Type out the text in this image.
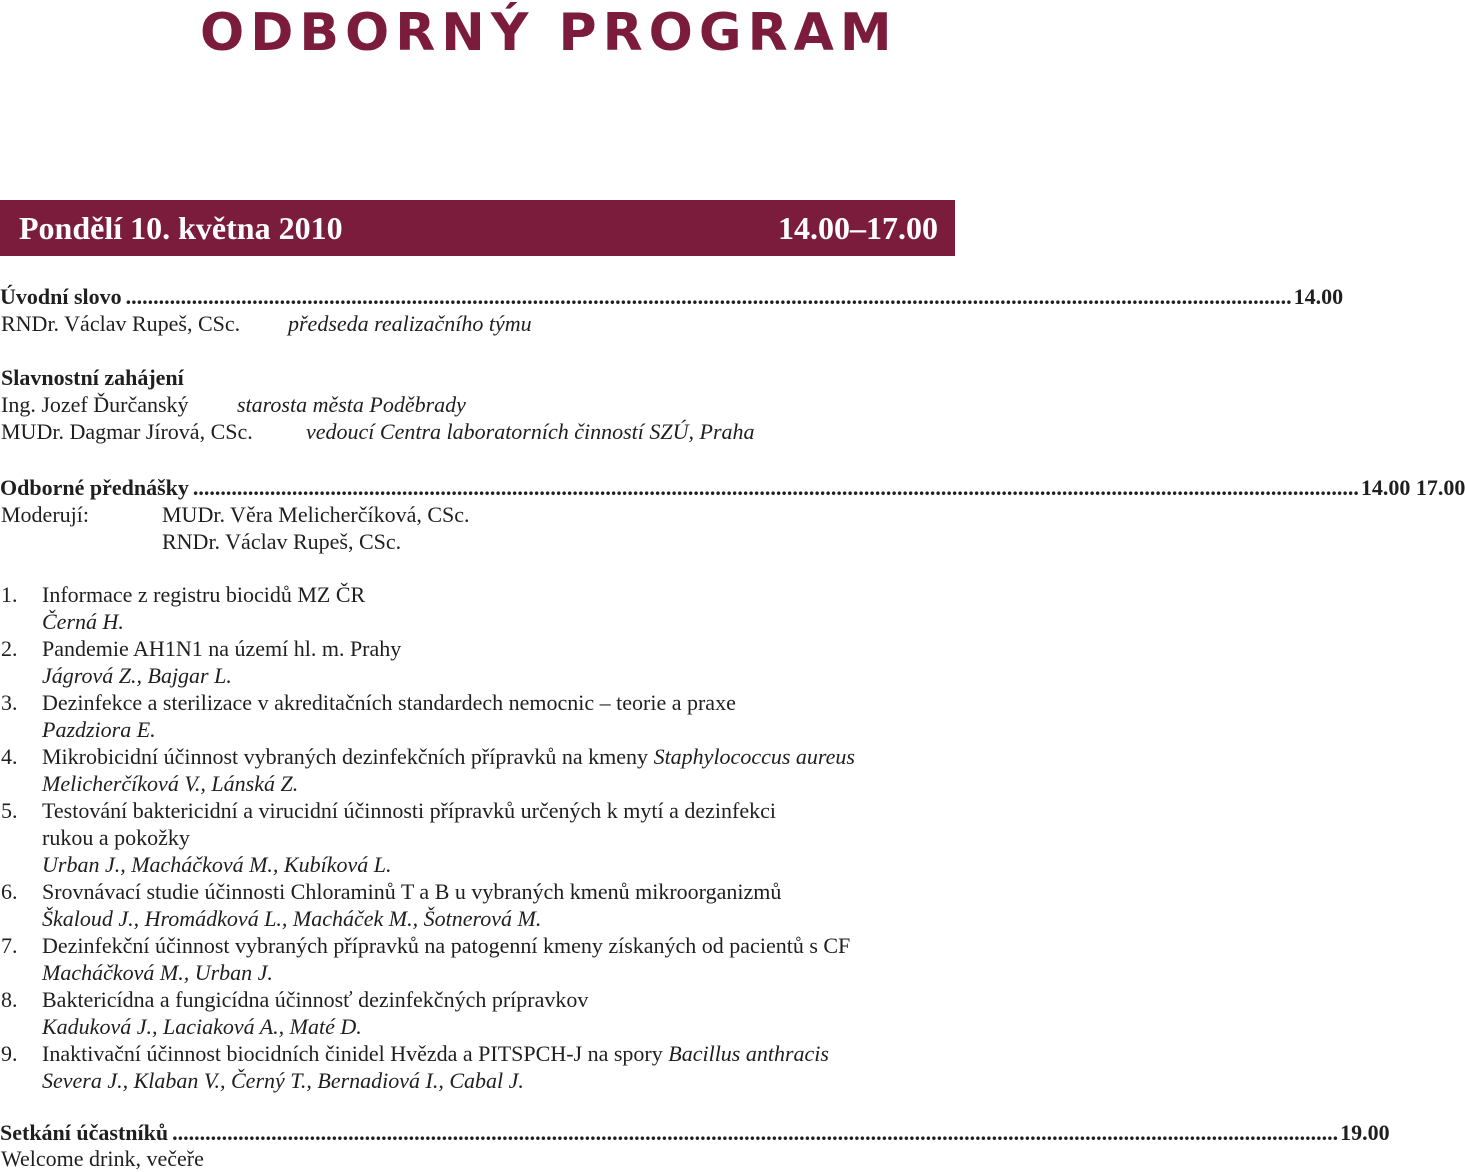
ODBORNÝ PROGRAM
Pondělí 10. května 2010	14.00–17.00
Úvodní slovo .................................................................................................................................................................................................................... 14.00
RNDr. Václav Rupeš, CSc. předseda realizačního týmu
Slavnostní zahájení
Ing. Jozef Ďurčanský starosta města Poděbrady
MUDr. Dagmar Jírová, CSc. vedoucí Centra laboratorních činností SZÚ, Praha
Odborné přednášky .................................................................................................................................................................................................................... 14.00 17.00
Moderují:	MUDr. Věra Melicherčíková, CSc.
RNDr. Václav Rupeš, CSc.
1. Informace z registru biocidů MZ ČR
Černá H.
2. Pandemie AH1N1 na území hl. m. Prahy
Jágrová Z., Bajgar L.
3. Dezinfekce a sterilizace v akreditačních standardech nemocnic – teorie a praxe
Pazdziora E.
4. Mikrobicidní účinnost vybraných dezinfekčních přípravků na kmeny Staphylococcus aureus
Melicherčíková V., Lánská Z.
5. Testování baktericidní a virucidní účinnosti přípravků určených k mytí a dezinfekci
rukou a pokožky
Urban J., Macháčková M., Kubíková L.
6. Srovnávací studie účinnosti Chloraminů T a B u vybraných kmenů mikroorganizmů
Škaloud J., Hromádková L., Macháček M., Šotnerová M.
7. Dezinfekční účinnost vybraných přípravků na patogenní kmeny získaných od pacientů s CF
Macháčková M., Urban J.
8. Baktericídna a fungicídna účinnosť dezinfekčných prípravkov
Kaduková J., Laciaková A., Maté D.
9. Inaktivační účinnost biocidních činidel Hvězda a PITSPCH-J na spory Bacillus anthracis
Severa J., Klaban V., Černý T., Bernadiová I., Cabal J.
Setkání účastníků .................................................................................................................................................................................................................... 19.00
Welcome drink, večeře
